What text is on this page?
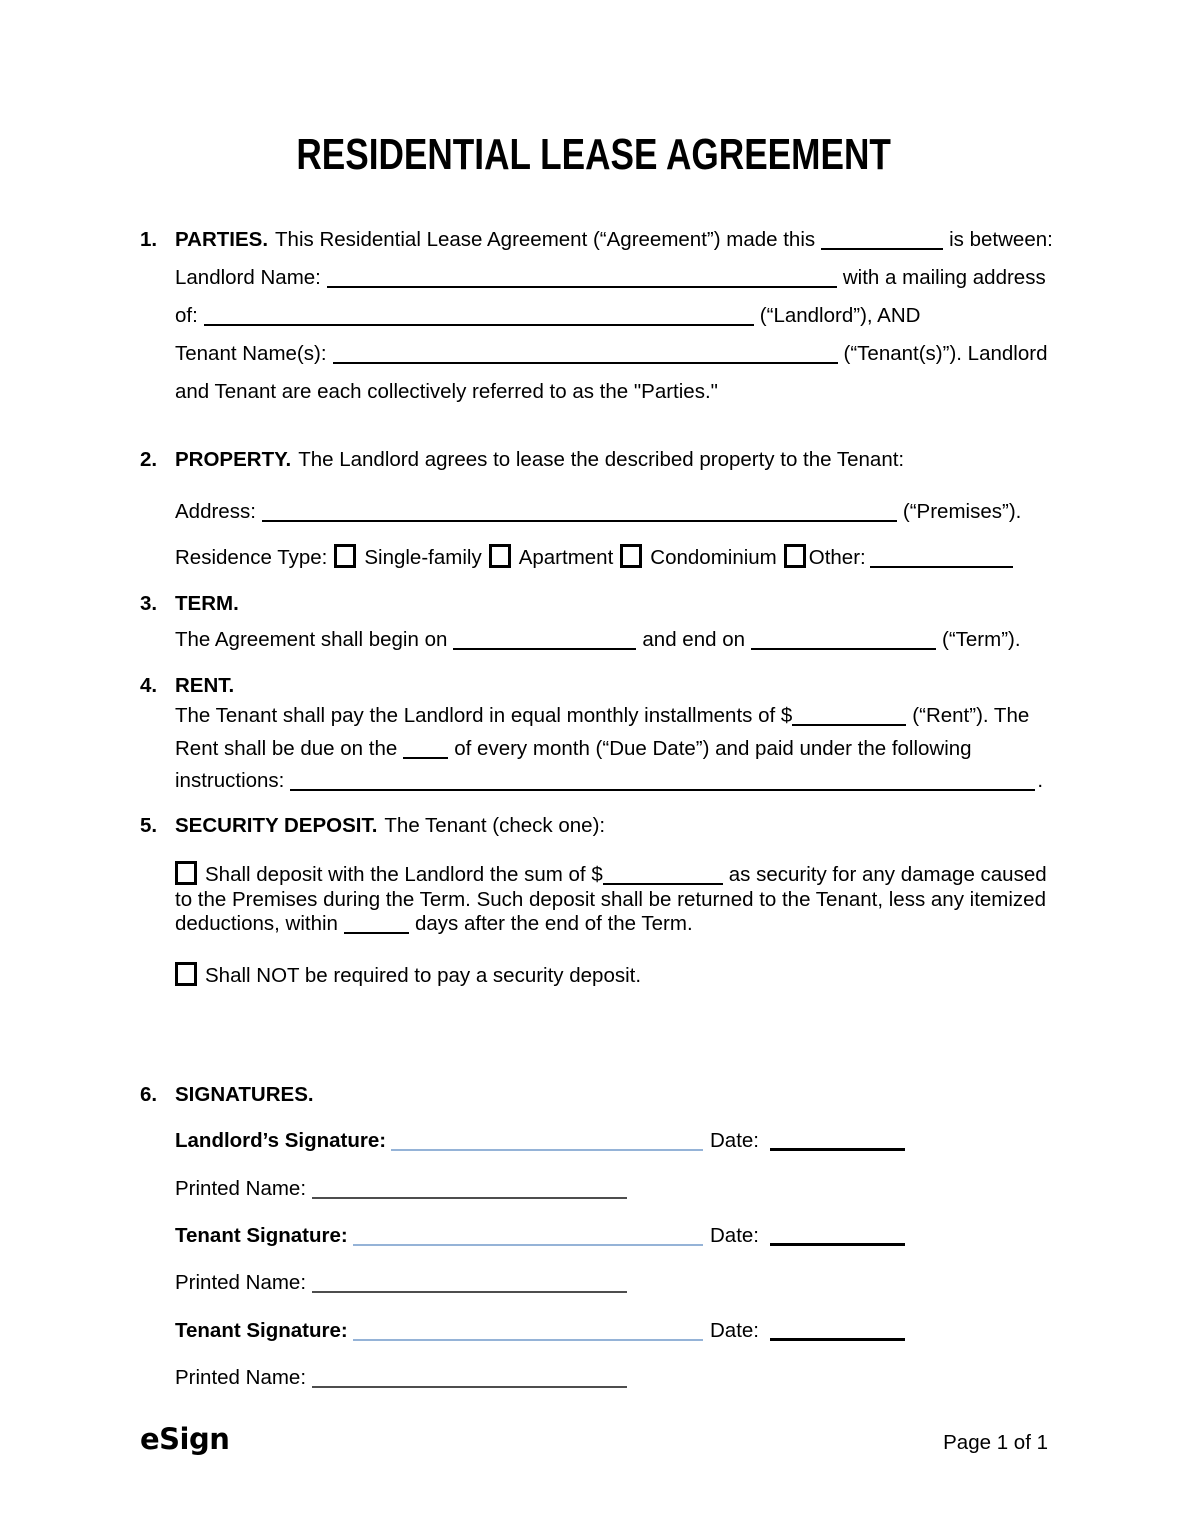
RESIDENTIAL LEASE AGREEMENT
1. PARTIES. This Residential Lease Agreement (“Agreement”) made this	is between:
Landlord Name:	with a mailing address
of:	(“Landlord”), AND
Tenant Name(s):	(“Tenant(s)”). Landlord
and Tenant are each collectively referred to as the "Parties."
2. PROPERTY. The Landlord agrees to lease the described property to the Tenant:
Address:	(“Premises”).
Residence Type: Single-family Apartment Condominium Other:
3. TERM.
The Agreement shall begin on	and end on	(“Term”).
4. RENT.
The Tenant shall pay the Landlord in equal monthly installments of $	(“Rent”). The
Rent shall be due on the	of every month (“Due Date”) and paid under the following
instructions:	.
5. SECURITY DEPOSIT. The Tenant (check one):
Shall deposit with the Landlord the sum of $	as security for any damage caused
to the Premises during the Term. Such deposit shall be returned to the Tenant, less any itemized
deductions, within	days after the end of the Term.
Shall NOT be required to pay a security deposit.
6. SIGNATURES.
Landlord’s Signature:	Date:
Printed Name:
Tenant Signature:	Date:
Printed Name:
Tenant Signature:	Date:
Printed Name:
eSign	Page 1 of 1
